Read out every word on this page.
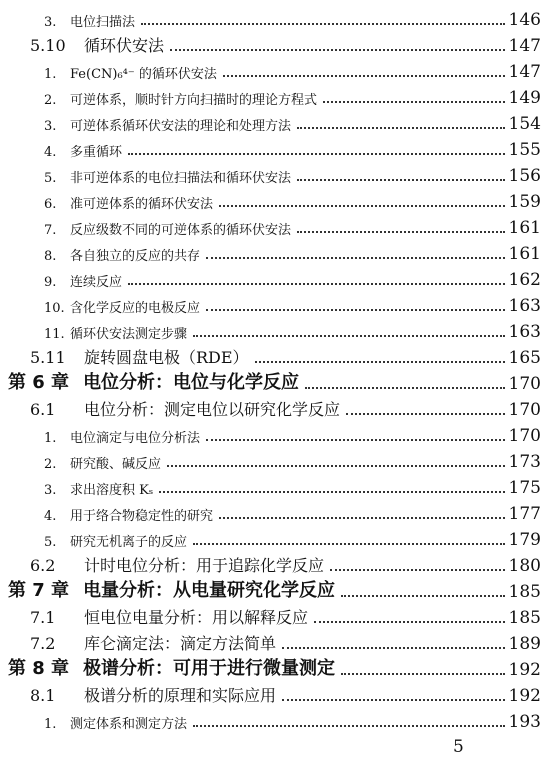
3. 电位扫描法	146
5.10 循环伏安法	147
1. Fe(CN)₆⁴⁻ 的循环伏安法	147
2. 可逆体系，顺时针方向扫描时的理论方程式	149
3. 可逆体系循环伏安法的理论和处理方法	154
4. 多重循环	155
5. 非可逆体系的电位扫描法和循环伏安法	156
6. 准可逆体系的循环伏安法	159
7. 反应级数不同的可逆体系的循环伏安法	161
8. 各自独立的反应的共存	161
9. 连续反应	162
10. 含化学反应的电极反应	163
11. 循环伏安法测定步骤	163
5.11 旋转圆盘电极（RDE）	165
第 6 章 电位分析：电位与化学反应	170
6.1 电位分析：测定电位以研究化学反应	170
1. 电位滴定与电位分析法	170
2. 研究酸、碱反应	173
3. 求出溶度积 Kₛ	175
4. 用于络合物稳定性的研究	177
5. 研究无机离子的反应	179
6.2 计时电位分析：用于追踪化学反应	180
第 7 章 电量分析：从电量研究化学反应	185
7.1 恒电位电量分析：用以解释反应	185
7.2 库仑滴定法：滴定方法简单	189
第 8 章 极谱分析：可用于进行微量测定	192
8.1 极谱分析的原理和实际应用	192
1. 测定体系和测定方法	193
5
